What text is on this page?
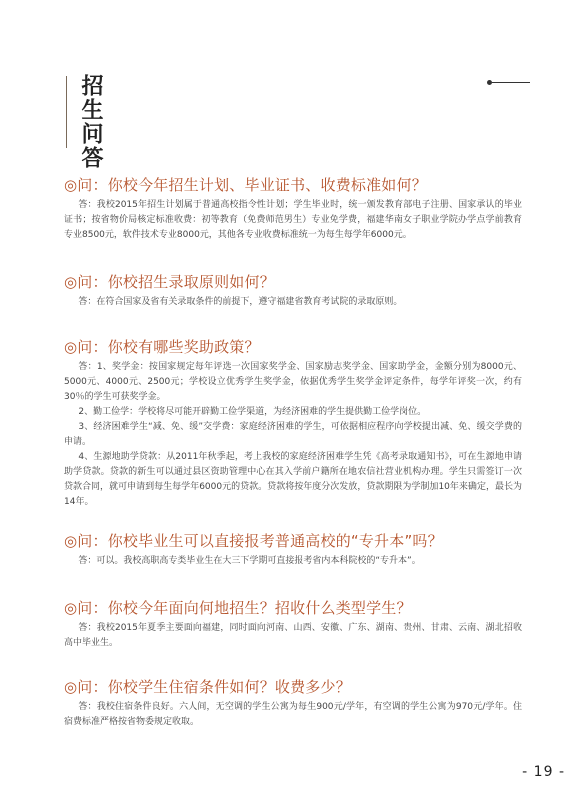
招生问答
◎问：你校今年招生计划、毕业证书、收费标准如何？

答：我校2015年招生计划属于普通高校指令性计划；学生毕业时，统一颁发教育部电子注册、国家承认的毕业证书；按省物价局核定标准收费：初等教育（免费师范男生）专业免学费，福建华南女子职业学院办学点学前教育专业8500元，软件技术专业8000元，其他各专业收费标准统一为每生每学年6000元。

◎问：你校招生录取原则如何？

答：在符合国家及省有关录取条件的前提下，遵守福建省教育考试院的录取原则。

◎问：你校有哪些奖助政策？

答：1、奖学金：按国家规定每年评选一次国家奖学金、国家励志奖学金、国家助学金，金额分别为8000元、5000元、4000元、2500元；学校设立优秀学生奖学金，依据优秀学生奖学金评定条件，每学年评奖一次，约有30％的学生可获奖学金。

2、勤工俭学：学校将尽可能开辟勤工俭学渠道，为经济困难的学生提供勤工俭学岗位。

3、经济困难学生“减、免、缓”交学费：家庭经济困难的学生，可依据相应程序向学校提出减、免、缓交学费的申请。

4、生源地助学贷款：从2011年秋季起，考上我校的家庭经济困难学生凭《高考录取通知书》，可在生源地申请助学贷款。贷款的新生可以通过县区资助管理中心在其入学前户籍所在地农信社营业机构办理。学生只需签订一次贷款合同，就可申请到每生每学年6000元的贷款。贷款将按年度分次发放，贷款期限为学制加10年来确定，最长为14年。

◎问：你校毕业生可以直接报考普通高校的“专升本”吗？

答：可以。我校高职高专类毕业生在大三下学期可直接报考省内本科院校的“专升本”。

◎问：你校今年面向何地招生？招收什么类型学生？

答：我校2015年夏季主要面向福建，同时面向河南、山西、安徽、广东、湖南、贵州、甘肃、云南、湖北招收高中毕业生。

◎问：你校学生住宿条件如何？收费多少？

答：我校住宿条件良好。六人间，无空调的学生公寓为每生900元/学年，有空调的学生公寓为970元/学年。住宿费标准严格按省物委规定收取。

- 19 -
